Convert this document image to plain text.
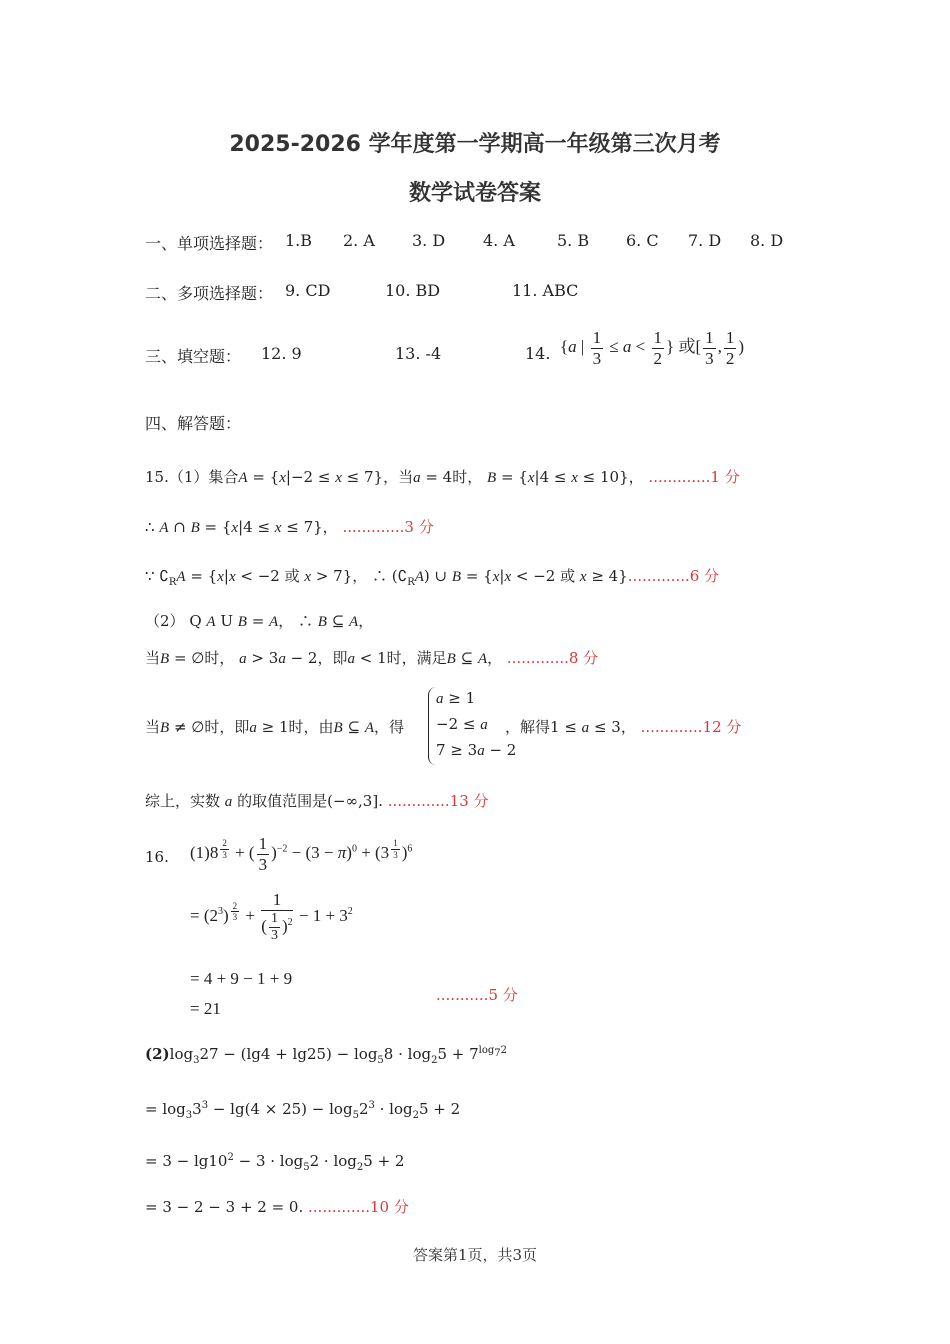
2025-2026 学年度第一学期高一年级第三次月考
数学试卷答案
一、单项选择题： 1.B 2. A 3. D 4. A	5. B 6. C 7. D 8. D
二、多项选择题： 9. CD	10. BD	11. ABC
三、填空题： 12. 9	13. -4	14. {a | $\frac{1}{3} \le a < \frac{1}{2}$ } 或[ $\frac{1}{3}$ , $\frac{1}{2}$ )
四、解答题：
15.（1）集合A = {x|−2 ≤ x ≤ 7}，当a = 4时， B = {x|4 ≤ x ≤ 10}， .............1 分
∴ A ∩ B = {x|4 ≤ x ≤ 7}， .............3 分
∵ $∁_RA = \{x|x < -2$ 或 x > 7}， ∴ $(∁_RA)$ ∪ B = {x|x < −2 或 x ≥ 4}.............6 分
（2） Q A U B = A， ∴ B ⊆ A，
当B = ∅时， a > 3a − 2，即a < 1时，满足B ⊆ A， .............8 分
当B ≠ ∅时，即a ≥ 1时，由B ⊆ A，得
a ≥ 1
−2 ≤ a
7 ≥ 3a − 2
，解得1 ≤ a ≤ 3， .............12 分
综上，实数 a 的取值范围是(−∞,3]. .............13 分
16. (1)8 $^{\frac{2}{3}}$ + ( $\frac{1}{3} )^{-2} - (3 - \pi)^0 + (3$ $^{\frac{1}{3}}$ )$^6$
= $(2^3) ^{\frac{2}{3}} + \frac{1}{( \frac{1}{3} )^2} - 1 + 3^2$
= 4 + 9 − 1 + 9
= 21
...........5 分
$(2)\log_327 - (\lg 4 + \lg 25) - \log_58 \cdot \log_25 + 7^{log_72}$
= $\log_33^3 - \lg(4 \times 25) - \log_52^3 \cdot \log_25 + 2$
= $3 - \lg 10^2 - 3 \cdot \log_52 \cdot \log_25 + 2$
= 3 − 2 − 3 + 2 = 0. .............10 分
答案第1页，共3页
